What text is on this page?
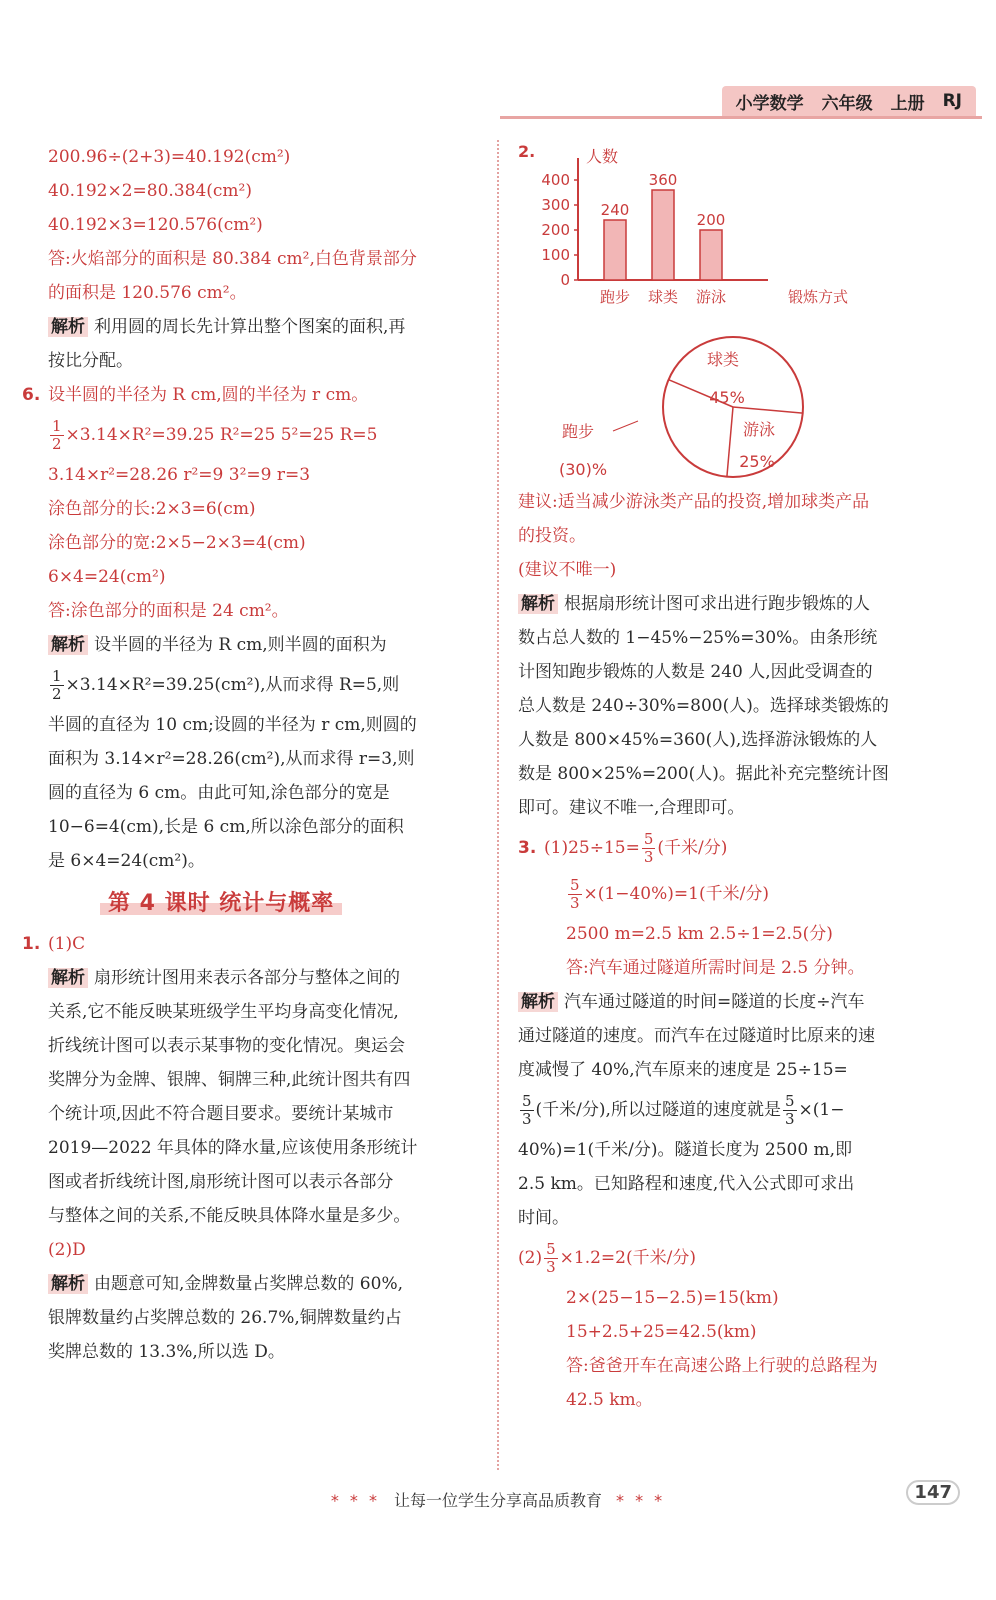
小学数学 六年级 上册 RJ
200.96÷(2+3)=40.192(cm²)
40.192×2=80.384(cm²)
40.192×3=120.576(cm²)
答:火焰部分的面积是 80.384 cm²,白色背景部分
的面积是 120.576 cm²。
解析 利用圆的周长先计算出整个图案的面积,再
按比分配。
6. 设半圆的半径为 R cm,圆的半径为 r cm。
$\frac{1}{2} \times 3.14\times R^2=39.25$ R²=25 5²=25 R=5
3.14×r²=28.26 r²=9 3²=9 r=3
涂色部分的长:2×3=6(cm)
涂色部分的宽:2×5−2×3=4(cm)
6×4=24(cm²)
答:涂色部分的面积是 24 cm²。
解析 设半圆的半径为 R cm,则半圆的面积为
$\frac{1}{2} \times 3.14\times R^2=39.25(cm^2)$,从而求得 R=5,则
半圆的直径为 10 cm;设圆的半径为 r cm,则圆的
面积为 3.14×r²=28.26(cm²),从而求得 r=3,则
圆的直径为 6 cm。由此可知,涂色部分的宽是
10−6=4(cm),长是 6 cm,所以涂色部分的面积
是 6×4=24(cm²)。
第 4 课时 统计与概率
1. (1)C
解析 扇形统计图用来表示各部分与整体之间的
关系,它不能反映某班级学生平均身高变化情况,
折线统计图可以表示某事物的变化情况。奥运会
奖牌分为金牌、银牌、铜牌三种,此统计图共有四
个统计项,因此不符合题目要求。要统计某城市
2019—2022 年具体的降水量,应该使用条形统计
图或者折线统计图,扇形统计图可以表示各部分
与整体之间的关系,不能反映具体降水量是多少。
(2)D
解析 由题意可知,金牌数量占奖牌总数的 60%,
银牌数量约占奖牌总数的 26.7%,铜牌数量约占
奖牌总数的 13.3%,所以选 D。
2.	人数
0
100
200
300
400
240
跑步
360
球类
200
游泳	锻炼方式
球类
45%
游泳
25%
跑步
(30)%
建议:适当减少游泳类产品的投资,增加球类产品
的投资。
(建议不唯一)
解析 根据扇形统计图可求出进行跑步锻炼的人
数占总人数的 1−45%−25%=30%。由条形统
计图知跑步锻炼的人数是 240 人,因此受调查的
总人数是 240÷30%=800(人)。选择球类锻炼的
人数是 800×45%=360(人),选择游泳锻炼的人
数是 800×25%=200(人)。据此补充完整统计图
即可。建议不唯一,合理即可。
3. $(1)25\div 15= \frac{5}{3}$ (千米/分)
$\frac{5}{3} \times(1-40\%)=1$(千米/分)
2500 m=2.5 km 2.5÷1=2.5(分)
答:汽车通过隧道所需时间是 2.5 分钟。
解析 汽车通过隧道的时间=隧道的长度÷汽车
通过隧道的速度。而汽车在过隧道时比原来的速
度减慢了 40%,汽车原来的速度是 25÷15=
$\frac{5}{3}$ (千米/分),所以过隧道的速度就是 $\frac{5}{3} \times(1-$
40%)=1(千米/分)。隧道长度为 2500 m,即
2.5 km。已知路程和速度,代入公式即可求出
时间。
$(2) \frac{5}{3} \times 1.2=2$(千米/分)
2×(25−15−2.5)=15(km)
15+2.5+25=42.5(km)
答:爸爸开车在高速公路上行驶的总路程为
42.5 km。
* * * 让每一位学生分享高品质教育 * * *	147
